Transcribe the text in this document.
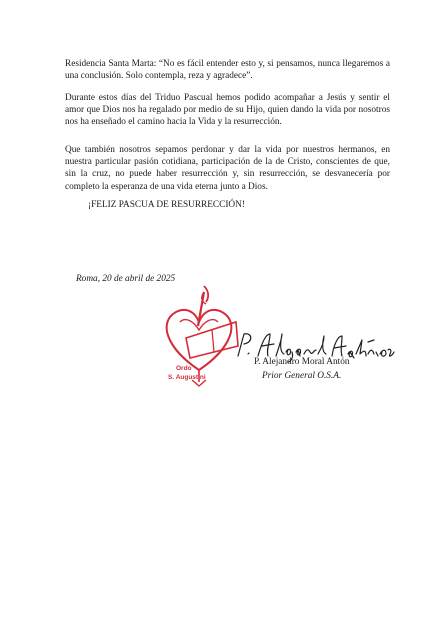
Residencia Santa Marta: “No es fácil entender esto y, si pensamos, nunca llegaremos a una conclusión. Solo contempla, reza y agradece”.

Durante estos días del Triduo Pascual hemos podido acompañar a Jesús y sentir el amor que Dios nos ha regalado por medio de su Hijo, quien dando la vida por nosotros nos ha enseñado el camino hacia la Vida y la resurrección.

Que también nosotros sepamos perdonar y dar la vida por nuestros hermanos, en nuestra particular pasión cotidiana, participación de la de Cristo, conscientes de que, sin la cruz, no puede haber resurrección y, sin resurrección, se desvanecería por completo la esperanza de una vida eterna junto a Dios.

¡FELIZ PASCUA DE RESURRECCIÓN!

Roma, 20 de abril de 2025

Ordo

S. Augustini

P. Alejandro Moral Antón

Prior General O.S.A.
